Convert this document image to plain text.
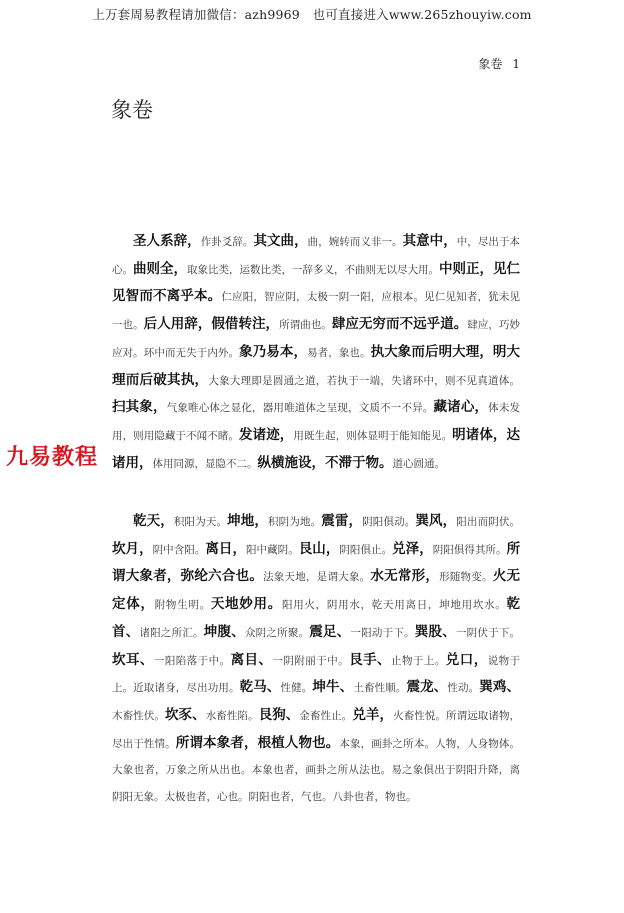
上万套周易教程请加微信：azh9969　也可直接进入www.265zhouyiw.com
象卷 1
象卷

圣人系辞，作卦爻辞。其文曲，曲，婉转而义非一。其意中，中，尽出于本心。曲则全，取象比类，运数比类，一辞多义，不曲则无以尽大用。中则正，见仁见智而不离乎本。仁应阳，智应阴，太极一阴一阳，应根本。见仁见知者，犹未见一也。后人用辞，假借转注，所谓曲也。肆应无穷而不远乎道。肆应，巧妙应对。环中而无失于内外。象乃易本，易者，象也。执大象而后明大理，明大理而后破其执，大象大理即是圆通之道，若执于一端，失诸环中，则不见真道体。扫其象，气象唯心体之显化，器用唯道体之呈现，文质不一不异。藏诸心，体未发用，则用隐藏于不闻不睹。发诸迹，用既生起，则体显明于能知能见。明诸体，达诸用，体用同源，显隐不二。纵横施设，不滞于物。道心圆通。

乾天，积阳为天。坤地，积阴为地。震雷，阴阳俱动。巽风，阳出而阴伏。坎月，阴中含阳。离日，阳中藏阴。艮山，阴阳俱止。兑泽，阴阳俱得其所。所谓大象者，弥纶六合也。法象天地，是谓大象。水无常形，形随物变。火无定体，附物生明。天地妙用。阳用火，阴用水，乾天用离日，坤地用坎水。乾首、诸阳之所汇。坤腹、众阴之所聚。震足、一阳动于下。巽股、一阴伏于下。坎耳、一阳陷落于中。离目、一阴附丽于中。艮手、止物于上。兑口，说物于上。近取诸身，尽出功用。乾马、性健。坤牛、土畜性顺。震龙、性动。巽鸡、木畜性伏。坎豕、水畜性陷。艮狗、金畜性止。兑羊，火畜性悦。所谓远取诸物，尽出于性情。所谓本象者，根植人物也。本象，画卦之所本。人物，人身物体。大象也者，万象之所从出也。本象也者，画卦之所从法也。易之象俱出于阴阳升降，离阴阳无象。太极也者，心也。阴阳也者，气也。八卦也者，物也。

九易教程
